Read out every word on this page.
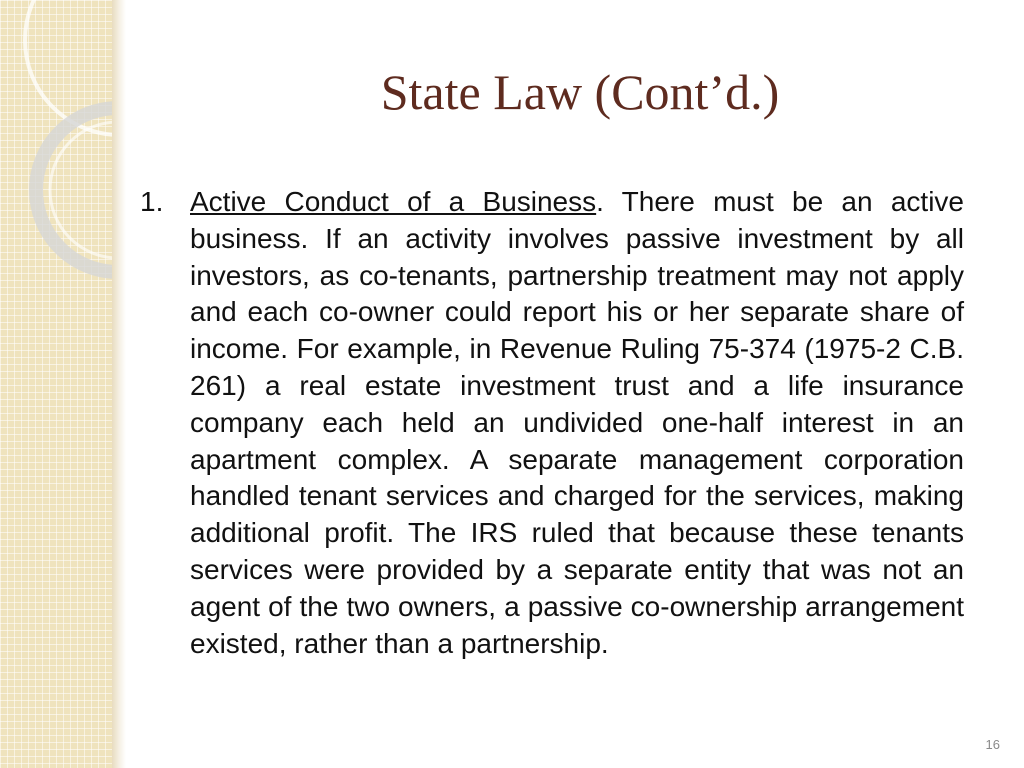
State Law (Cont’d.)
1. Active Conduct of a Business. There must be an active business. If an activity involves passive investment by all investors, as co-tenants, partnership treatment may not apply and each co-owner could report his or her separate share of income. For example, in Revenue Ruling 75-374 (1975-2 C.B. 261) a real estate investment trust and a life insurance company each held an undivided one-half interest in an apartment complex. A separate management corporation handled tenant services and charged for the services, making additional profit. The IRS ruled that because these tenants services were provided by a separate entity that was not an agent of the two owners, a passive co-ownership arrangement existed, rather than a partnership.
16
